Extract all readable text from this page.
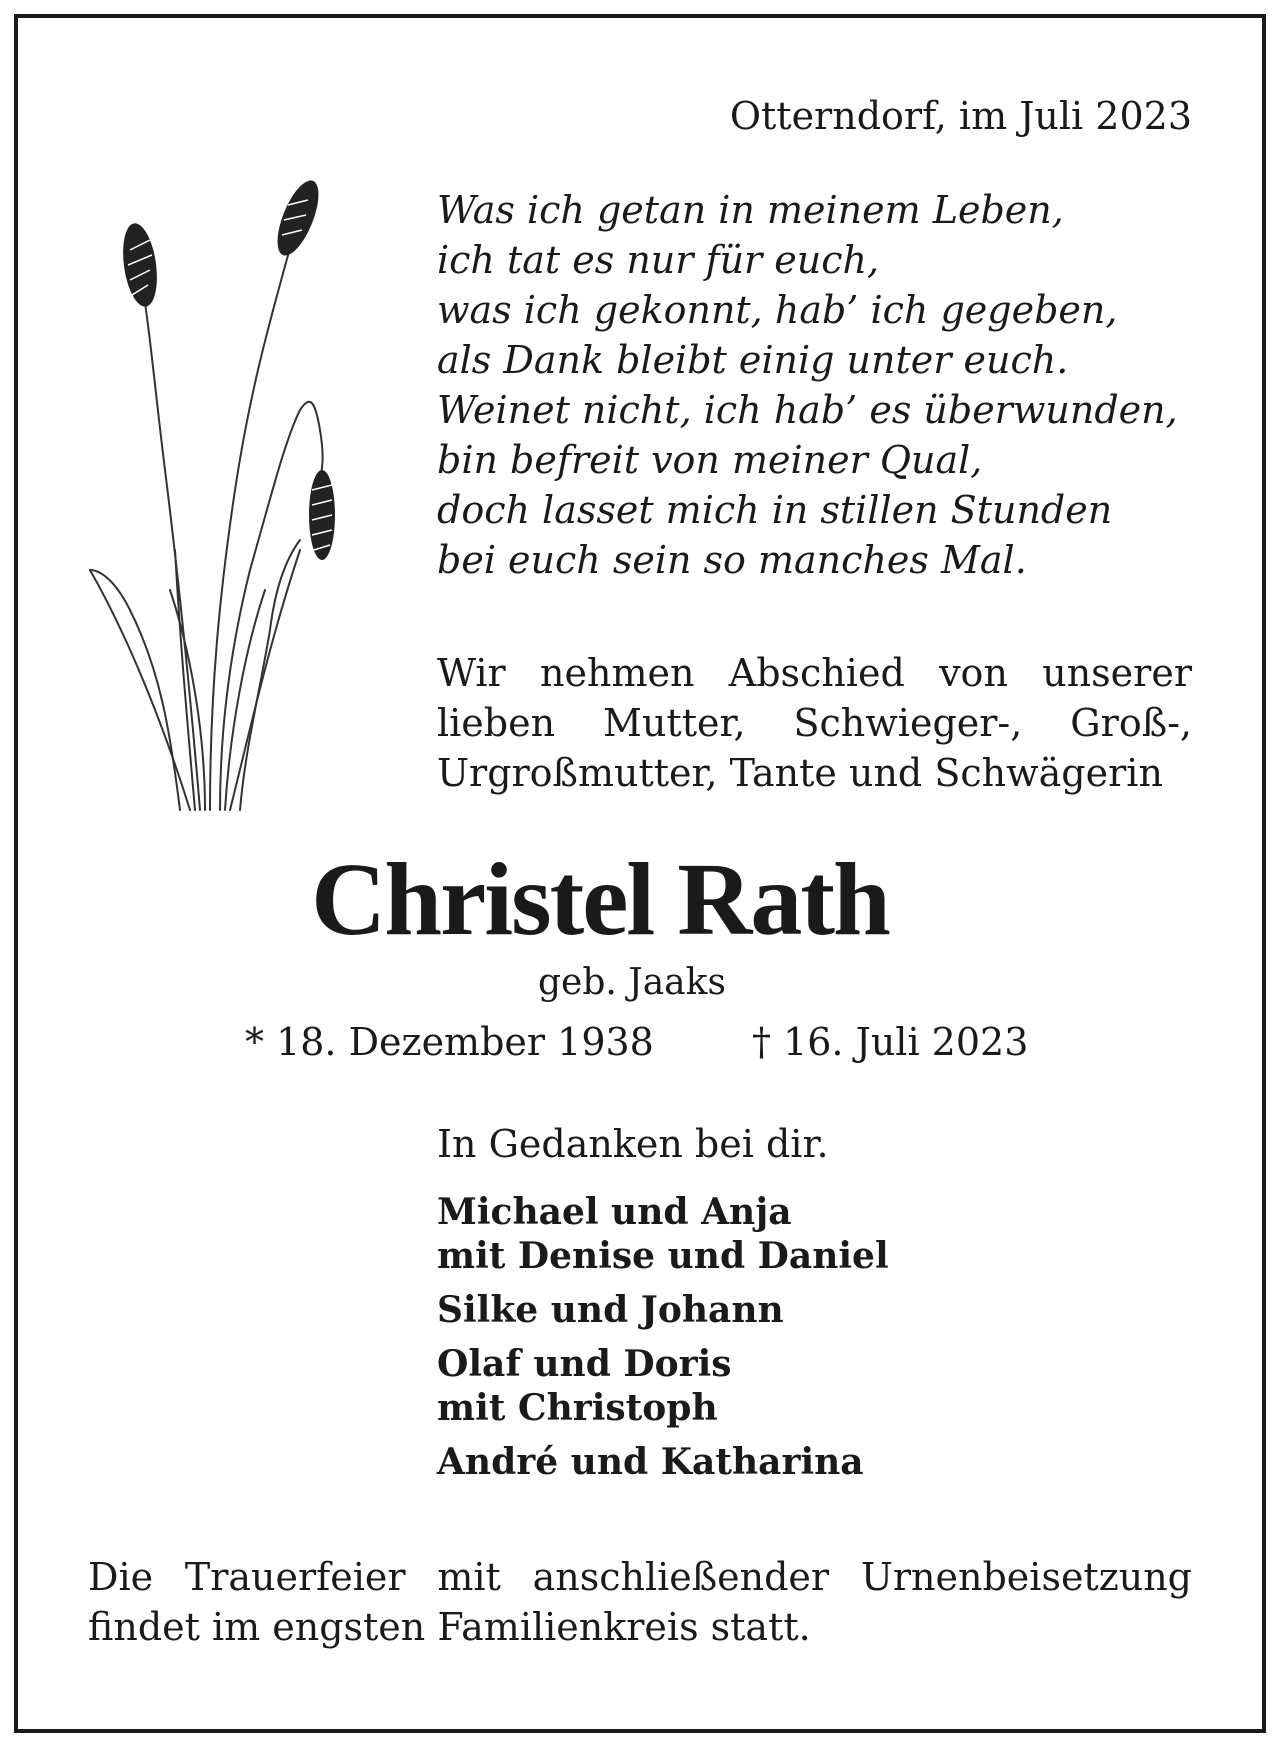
Otterndorf, im Juli 2023
Was ich getan in meinem Leben,
ich tat es nur für euch,
was ich gekonnt, hab’ ich gegeben,
als Dank bleibt einig unter euch.
Weinet nicht, ich hab’ es überwunden,
bin befreit von meiner Qual,
doch lasset mich in stillen Stunden
bei euch sein so manches Mal.
Wir nehmen Abschied von unserer
lieben Mutter, Schwieger-, Groß-,
Urgroßmutter, Tante und Schwägerin
Christel Rath
geb. Jaaks
* 18. Dezember 1938	† 16. Juli 2023
In Gedanken bei dir.
Michael und Anja
mit Denise und Daniel
Silke und Johann
Olaf und Doris
mit Christoph
André und Katharina
Die Trauerfeier mit anschließender Urnenbeisetzung
findet im engsten Familienkreis statt.
